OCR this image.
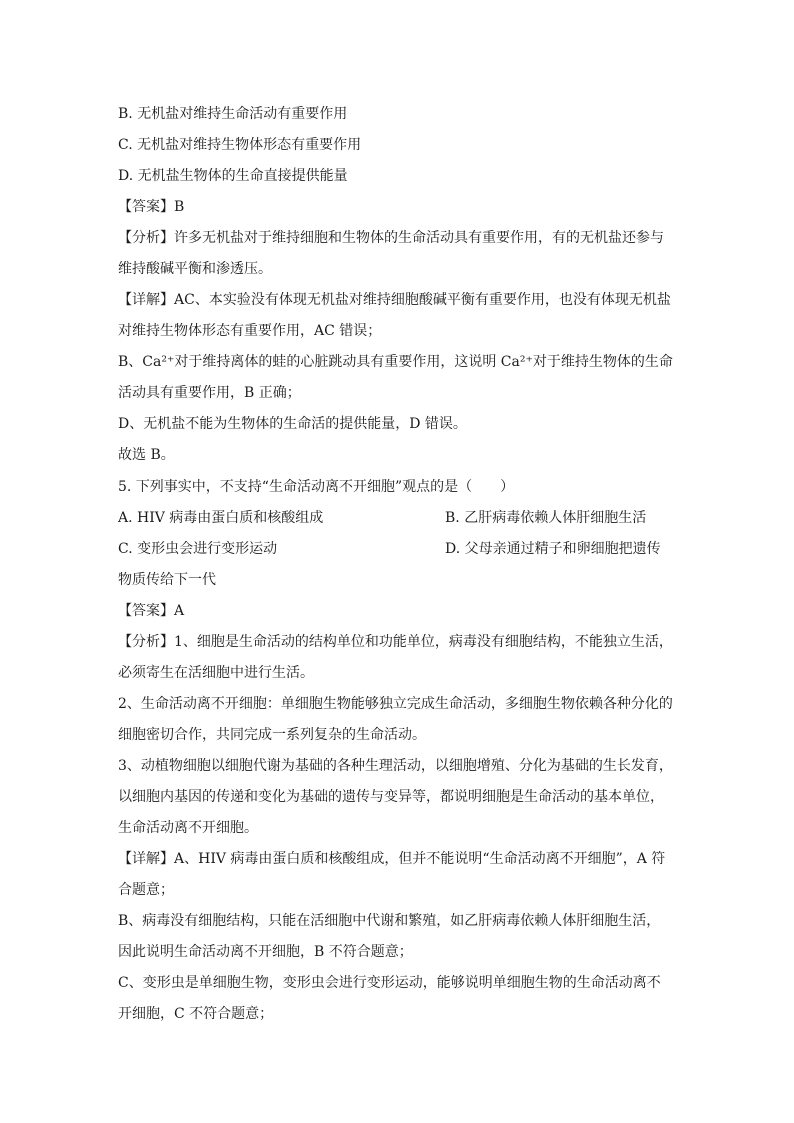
B. 无机盐对维持生命活动有重要作用
C. 无机盐对维持生物体形态有重要作用
D. 无机盐生物体的生命直接提供能量
【答案】B
【分析】许多无机盐对于维持细胞和生物体的生命活动具有重要作用，有的无机盐还参与
维持酸碱平衡和渗透压。
【详解】AC、本实验没有体现无机盐对维持细胞酸碱平衡有重要作用，也没有体现无机盐
对维持生物体形态有重要作用，AC 错误；
B、Ca²⁺对于维持离体的蛙的心脏跳动具有重要作用，这说明 Ca²⁺对于维持生物体的生命
活动具有重要作用，B 正确；
D、无机盐不能为生物体的生命活的提供能量，D 错误。
故选 B。
5. 下列事实中，不支持“生命活动离不开细胞”观点的是（　　）
A. HIV 病毒由蛋白质和核酸组成	B. 乙肝病毒依赖人体肝细胞生活
C. 变形虫会进行变形运动	D. 父母亲通过精子和卵细胞把遗传
物质传给下一代
【答案】A
【分析】1、细胞是生命活动的结构单位和功能单位，病毒没有细胞结构，不能独立生活，
必须寄生在活细胞中进行生活。
2、生命活动离不开细胞：单细胞生物能够独立完成生命活动，多细胞生物依赖各种分化的
细胞密切合作，共同完成一系列复杂的生命活动。
3、动植物细胞以细胞代谢为基础的各种生理活动，以细胞增殖、分化为基础的生长发育，
以细胞内基因的传递和变化为基础的遗传与变异等，都说明细胞是生命活动的基本单位，
生命活动离不开细胞。
【详解】A、HIV 病毒由蛋白质和核酸组成，但并不能说明“生命活动离不开细胞”，A 符
合题意；
B、病毒没有细胞结构，只能在活细胞中代谢和繁殖，如乙肝病毒依赖人体肝细胞生活，
因此说明生命活动离不开细胞，B 不符合题意；
C、变形虫是单细胞生物，变形虫会进行变形运动，能够说明单细胞生物的生命活动离不
开细胞，C 不符合题意；
